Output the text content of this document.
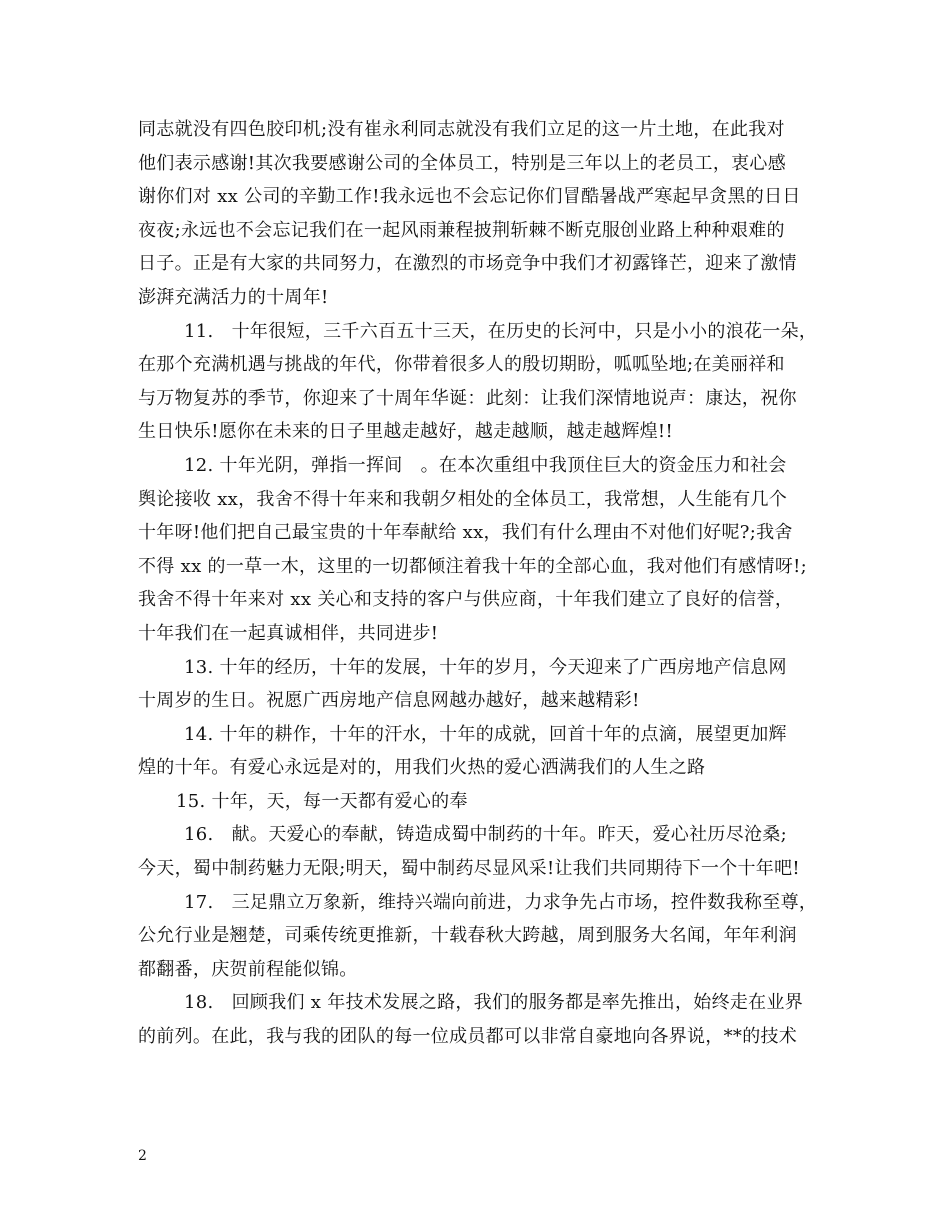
同志就没有四色胶印机;没有崔永利同志就没有我们立足的这一片土地，在此我对
他们表示感谢!其次我要感谢公司的全体员工，特别是三年以上的老员工，衷心感
谢你们对 xx 公司的辛勤工作!我永远也不会忘记你们冒酷暑战严寒起早贪黑的日日
夜夜;永远也不会忘记我们在一起风雨兼程披荆斩棘不断克服创业路上种种艰难的
日子。正是有大家的共同努力，在激烈的市场竞争中我们才初露锋芒，迎来了激情
澎湃充满活力的十周年!
11.   十年很短，三千六百五十三天，在历史的长河中，只是小小的浪花一朵，
在那个充满机遇与挑战的年代，你带着很多人的殷切期盼，呱呱坠地;在美丽祥和
与万物复苏的季节，你迎来了十周年华诞：此刻：让我们深情地说声：康达，祝你
生日快乐!愿你在未来的日子里越走越好，越走越顺，越走越辉煌!!
12. 十年光阴，弹指一挥间   。在本次重组中我顶住巨大的资金压力和社会
舆论接收 xx，我舍不得十年来和我朝夕相处的全体员工，我常想，人生能有几个
十年呀!他们把自己最宝贵的十年奉献给 xx，我们有什么理由不对他们好呢?;我舍
不得 xx 的一草一木，这里的一切都倾注着我十年的全部心血，我对他们有感情呀!;
我舍不得十年来对 xx 关心和支持的客户与供应商，十年我们建立了良好的信誉，
十年我们在一起真诚相伴，共同进步!
13. 十年的经历，十年的发展，十年的岁月，今天迎来了广西房地产信息网
十周岁的生日。祝愿广西房地产信息网越办越好，越来越精彩!
14. 十年的耕作，十年的汗水，十年的成就，回首十年的点滴，展望更加辉
煌的十年。有爱心永远是对的，用我们火热的爱心洒满我们的人生之路
15. 十年，天，每一天都有爱心的奉
16.   献。天爱心的奉献，铸造成蜀中制药的十年。昨天，爱心社历尽沧桑;
今天，蜀中制药魅力无限;明天，蜀中制药尽显风采!让我们共同期待下一个十年吧!
17.   三足鼎立万象新，维持兴端向前进，力求争先占市场，控件数我称至尊，
公允行业是翘楚，司乘传统更推新，十载春秋大跨越，周到服务大名闻，年年利润
都翻番，庆贺前程能似锦。
18.   回顾我们 x 年技术发展之路，我们的服务都是率先推出，始终走在业界
的前列。在此，我与我的团队的每一位成员都可以非常自豪地向各界说，**的技术
2
